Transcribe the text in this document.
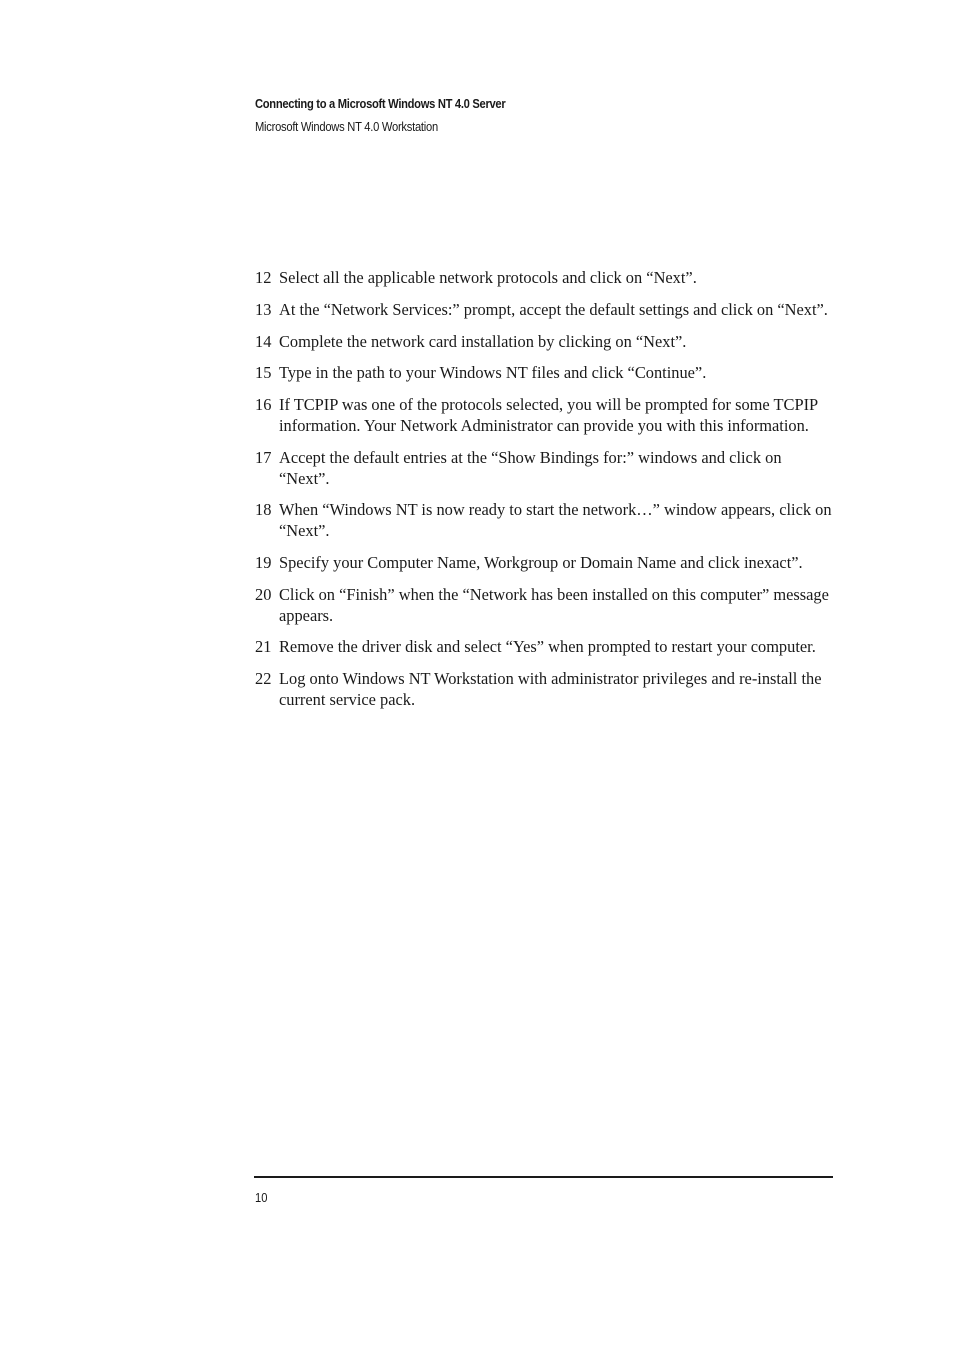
Connecting to a Microsoft Windows NT 4.0 Server
Microsoft Windows NT 4.0 Workstation
12 Select all the applicable network protocols and click on “Next”.
13 At the “Network Services:” prompt, accept the default settings and click on “Next”.
14 Complete the network card installation by clicking on “Next”.
15 Type in the path to your Windows NT files and click “Continue”.
16 If TCPIP was one of the protocols selected, you will be prompted for some TCPIP information. Your Network Administrator can provide you with this information.
17 Accept the default entries at the “Show Bindings for:” windows and click on “Next”.
18 When “Windows NT is now ready to start the network…” window appears, click on “Next”.
19 Specify your Computer Name, Workgroup or Domain Name and click inexact”.
20 Click on “Finish” when the “Network has been installed on this computer” message appears.
21 Remove the driver disk and select “Yes” when prompted to restart your computer.
22 Log onto Windows NT Workstation with administrator privileges and re-install the current service pack.
10
